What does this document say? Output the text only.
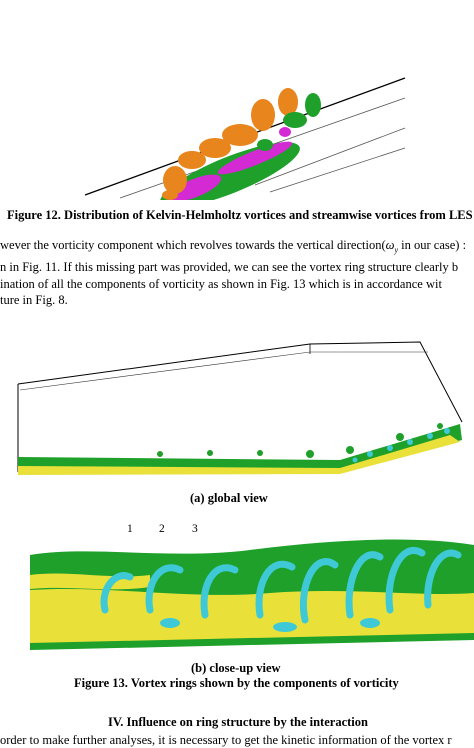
Figure 12. Distribution of Kelvin-Helmholtz vortices and streamwise vortices from LES
wever the vorticity component which revolves towards the vertical $direction(\omega_y$ in our case) :
n in Fig. 11. If this missing part was provided, we can see the vortex ring structure clearly b
ination of all the components of vorticity as shown in Fig. 13 which is in accordance wit
ture in Fig. 8.
(a) global view
1 2 3
(b) close-up view
Figure 13. Vortex rings shown by the components of vorticity
IV. Influence on ring structure by the interaction
order to make further analyses, it is necessary to get the kinetic information of the vortex r
